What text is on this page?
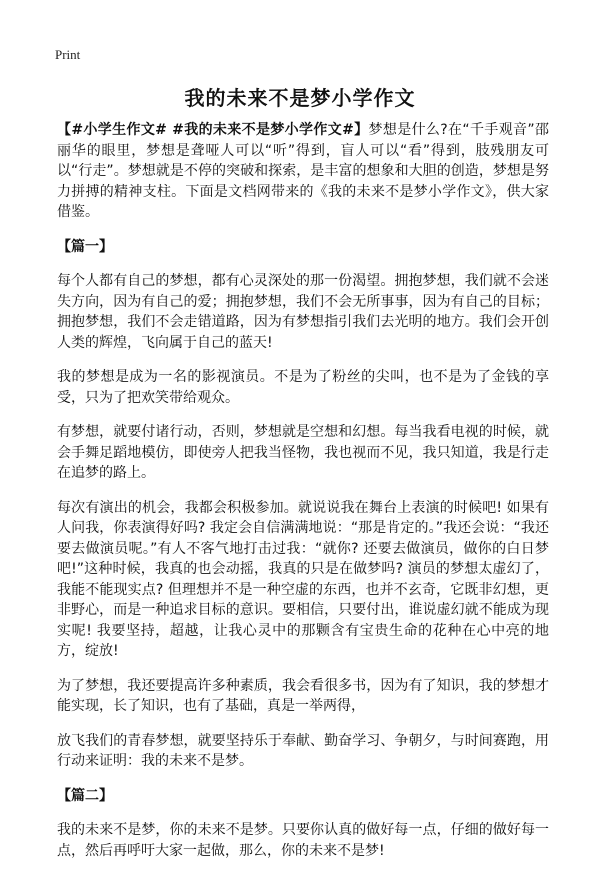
Print
我的未来不是梦小学作文

【#小学生作文# #我的未来不是梦小学作文#】梦想是什么?在“千手观音”邵丽华的眼里，梦想是聋哑人可以“听”得到，盲人可以“看”得到，肢残朋友可以“行走”。梦想就是不停的突破和探索，是丰富的想象和大胆的创造，梦想是努力拼搏的精神支柱。下面是文档网带来的《我的未来不是梦小学作文》，供大家借鉴。

【篇一】

每个人都有自己的梦想，都有心灵深处的那一份渴望。拥抱梦想，我们就不会迷失方向，因为有自己的爱；拥抱梦想，我们不会无所事事，因为有自己的目标；拥抱梦想，我们不会走错道路，因为有梦想指引我们去光明的地方。我们会开创人类的辉煌，飞向属于自己的蓝天!

我的梦想是成为一名的影视演员。不是为了粉丝的尖叫，也不是为了金钱的享受，只为了把欢笑带给观众。

有梦想，就要付诸行动，否则，梦想就是空想和幻想。每当我看电视的时候，就会手舞足蹈地模仿，即使旁人把我当怪物，我也视而不见，我只知道，我是行走在追梦的路上。

每次有演出的机会，我都会积极参加。就说说我在舞台上表演的时候吧! 如果有人问我，你表演得好吗? 我定会自信满满地说：“那是肯定的。”我还会说：“我还要去做演员呢。”有人不客气地打击过我：“就你? 还要去做演员，做你的白日梦吧!”这种时候，我真的也会动摇，我真的只是在做梦吗? 演员的梦想太虚幻了，我能不能现实点? 但理想并不是一种空虚的东西，也并不玄奇，它既非幻想，更非野心，而是一种追求目标的意识。要相信，只要付出，谁说虚幻就不能成为现实呢! 我要坚持，超越，让我心灵中的那颗含有宝贵生命的花种在心中亮的地方，绽放!

为了梦想，我还要提高许多种素质，我会看很多书，因为有了知识，我的梦想才能实现，长了知识，也有了基础，真是一举两得，

放飞我们的青春梦想，就要坚持乐于奉献、勤奋学习、争朝夕，与时间赛跑，用行动来证明：我的未来不是梦。

【篇二】

我的未来不是梦，你的未来不是梦。只要你认真的做好每一点，仔细的做好每一点，然后再呼吁大家一起做，那么，你的未来不是梦!
